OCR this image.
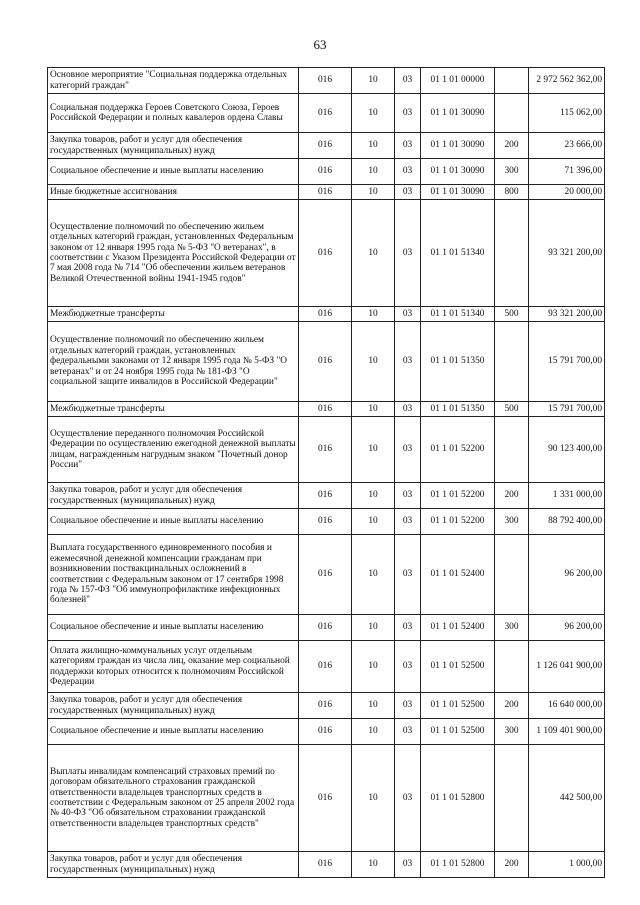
63
Основное мероприятие "Социальная поддержка отдельных категорий граждан"	016	10	03	01 1 01 00000		2 972 562 362,00
Социальная поддержка Героев Советского Союза, Героев Российской Федерации и полных кавалеров ордена Славы	016	10	03	01 1 01 30090		115 062,00
Закупка товаров, работ и услуг для обеспечения государственных (муниципальных) нужд	016	10	03	01 1 01 30090	200	23 666,00
Социальное обеспечение и иные выплаты населению	016	10	03	01 1 01 30090	300	71 396,00
Иные бюджетные ассигнования	016	10	03	01 1 01 30090	800	20 000,00
Осуществление полномочий по обеспечению жильем отдельных категорий граждан, установленных Федеральным законом от 12 января 1995 года № 5-ФЗ "О ветеранах", в соответствии с Указом Президента Российской Федерации от 7 мая 2008 года № 714 "Об обеспечении жильем ветеранов Великой Отечественной войны 1941-1945 годов"	016	10	03	01 1 01 51340		93 321 200,00
Межбюджетные трансферты	016	10	03	01 1 01 51340	500	93 321 200,00
Осуществление полномочий по обеспечению жильем отдельных категорий граждан, установленных федеральными законами от 12 января 1995 года № 5-ФЗ "О ветеранах" и от 24 ноября 1995 года № 181-ФЗ "О социальной защите инвалидов в Российской Федерации"	016	10	03	01 1 01 51350		15 791 700,00
Межбюджетные трансферты	016	10	03	01 1 01 51350	500	15 791 700,00
Осуществление переданного полномочия Российской Федерации по осуществлению ежегодной денежной выплаты лицам, награжденным нагрудным знаком "Почетный донор России"	016	10	03	01 1 01 52200		90 123 400,00
Закупка товаров, работ и услуг для обеспечения государственных (муниципальных) нужд	016	10	03	01 1 01 52200	200	1 331 000,00
Социальное обеспечение и иные выплаты населению	016	10	03	01 1 01 52200	300	88 792 400,00
Выплата государственного единовременного пособия и ежемесячной денежной компенсации гражданам при возникновении поствакцинальных осложнений в соответствии с Федеральным законом от 17 сентября 1998 года № 157-ФЗ "Об иммунопрофилактике инфекционных болезней"	016	10	03	01 1 01 52400		96 200,00
Социальное обеспечение и иные выплаты населению	016	10	03	01 1 01 52400	300	96 200,00
Оплата жилищно-коммунальных услуг отдельным категориям граждан из числа лиц, оказание мер социальной поддержки которых относится к полномочиям Российской Федерации	016	10	03	01 1 01 52500		1 126 041 900,00
Закупка товаров, работ и услуг для обеспечения государственных (муниципальных) нужд	016	10	03	01 1 01 52500	200	16 640 000,00
Социальное обеспечение и иные выплаты населению	016	10	03	01 1 01 52500	300	1 109 401 900,00
Выплаты инвалидам компенсаций страховых премий по договорам обязательного страхования гражданской ответственности владельцев транспортных средств в соответствии с Федеральным законом от 25 апреля 2002 года № 40-ФЗ "Об обязательном страховании гражданской ответственности владельцев транспортных средств"	016	10	03	01 1 01 52800		442 500,00
Закупка товаров, работ и услуг для обеспечения государственных (муниципальных) нужд	016	10	03	01 1 01 52800	200	1 000,00
